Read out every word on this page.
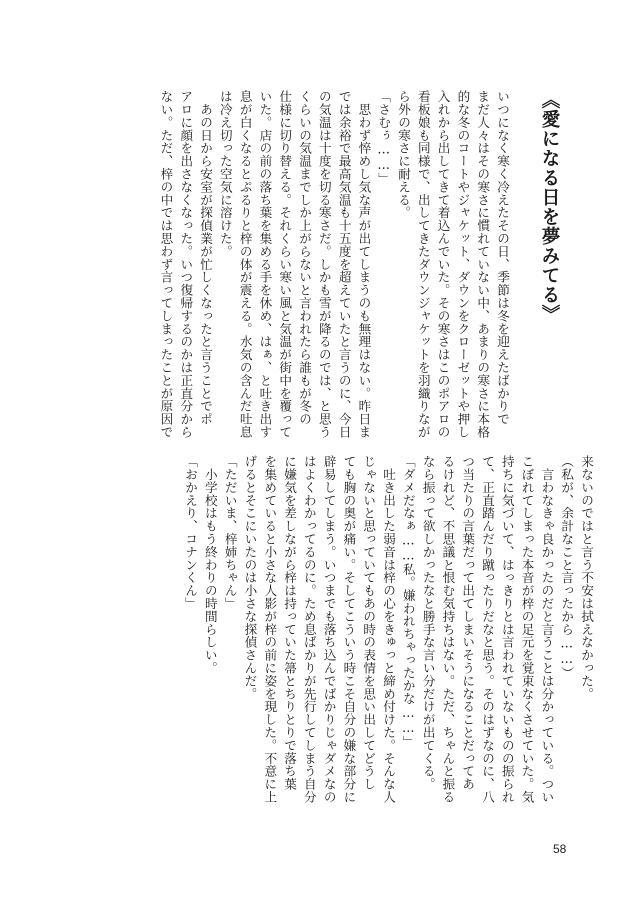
《愛になる日を夢みてる》
いつになく寒く冷えたその日、季節は冬を迎えたばかりで
まだ人々はその寒さに慣れていない中、あまりの寒さに本格
的な冬のコートやジャケット、ダウンをクローゼットや押し
入れから出してきて着込んでいた。その寒さはこのポアロの
看板娘も同様で、出してきたダウンジャケットを羽織りなが
ら外の寒さに耐える。
「さむぅ……」
　思わず悴めし気な声が出てしまうのも無理はない。昨日ま
では余裕で最高気温も十五度を超えていたと言うのに、今日
の気温は十度を切る寒さだ。しかも雪が降るのでは、と思う
くらいの気温までしか上がらないと言われたら誰もが冬の
仕様に切り替える。それくらい寒い風と気温が街中を覆って
いた。店の前の落ち葉を集める手を休め、はぁ、と吐き出す
息が白くなるとぷるりと梓の体が震える。水気の含んだ吐息
は冷え切った空気に溶けた。
　あの日から安室が探偵業が忙しくなったと言うことでポ
アロに顔を出さなくなった。いつ復帰するのかは正直分から
ない。ただ、梓の中では思わず言ってしまったことが原因で
来ないのではと言う不安は拭えなかった。
（私が、余計なこと言ったから……）
　言わなきゃ良かったのだと言うことは分かっている。つい
こぼれてしまった本音が梓の足元を覚束なくさせていた。気
持ちに気づいて、はっきりとは言われていないものの振られ
て、正直踏んだり蹴ったりだなと思う。そのはずなのに、八
つ当たりの言葉だって出てしまいそうになることだってあ
るけれど、不思議と恨む気持ちはない。ただ、ちゃんと振る
なら振って欲しかったなと勝手な言い分だけが出てくる。
「ダメだなぁ……私。嫌われちゃったかな……」
　吐き出した弱音は梓の心をきゅっと締め付けた。そんな人
じゃないと思っていてもあの時の表情を思い出してどうし
ても胸の奥が痛い。そしてこういう時こそ自分の嫌な部分に
辟易してしまう。いつまでも落ち込んでばかりじゃダメなの
はよくわかってるのに。ため息ばかりが先行してしまう自分
に嫌気を差しながら梓は持っていた箒とちりとりで落ち葉
を集めていると小さな人影が梓の前に姿を現した。不意に上
げるとそこにいたのは小さな探偵さんだ。
「ただいま、梓姉ちゃん」
　小学校はもう終わりの時間らしい。
「おかえり、コナンくん」
58
